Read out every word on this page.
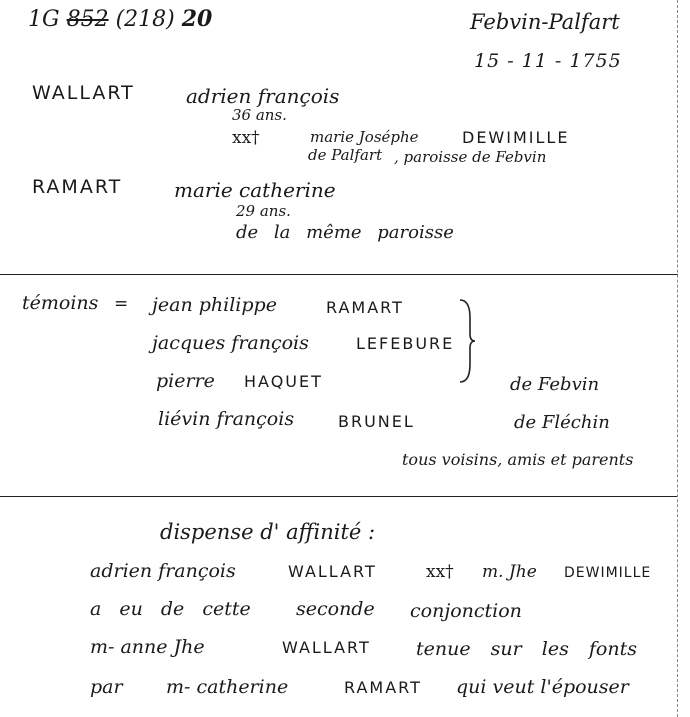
1G 852 (218) 20	Febvin-Palfart
15 - 11 - 1755
WALLART	adrien françois
36 ans.
xx†	marie Joséphe	DEWIMILLE
de Palfart , paroisse de Febvin
RAMART	marie catherine
29 ans.
de la même paroisse
témoins = jean philippe	RAMART
jacques françois	LEFEBURE
pierre HAQUET	de Febvin
liévin françois	BRUNEL	de Fléchin
tous voisins, amis et parents
dispense d' affinité :
adrien françois	WALLART	xx† m. Jhe DEWIMILLE
a eu de cette seconde conjonction
m- anne Jhe	WALLART tenue sur les fonts
par m- catherine	RAMART qui veut l'épouser
